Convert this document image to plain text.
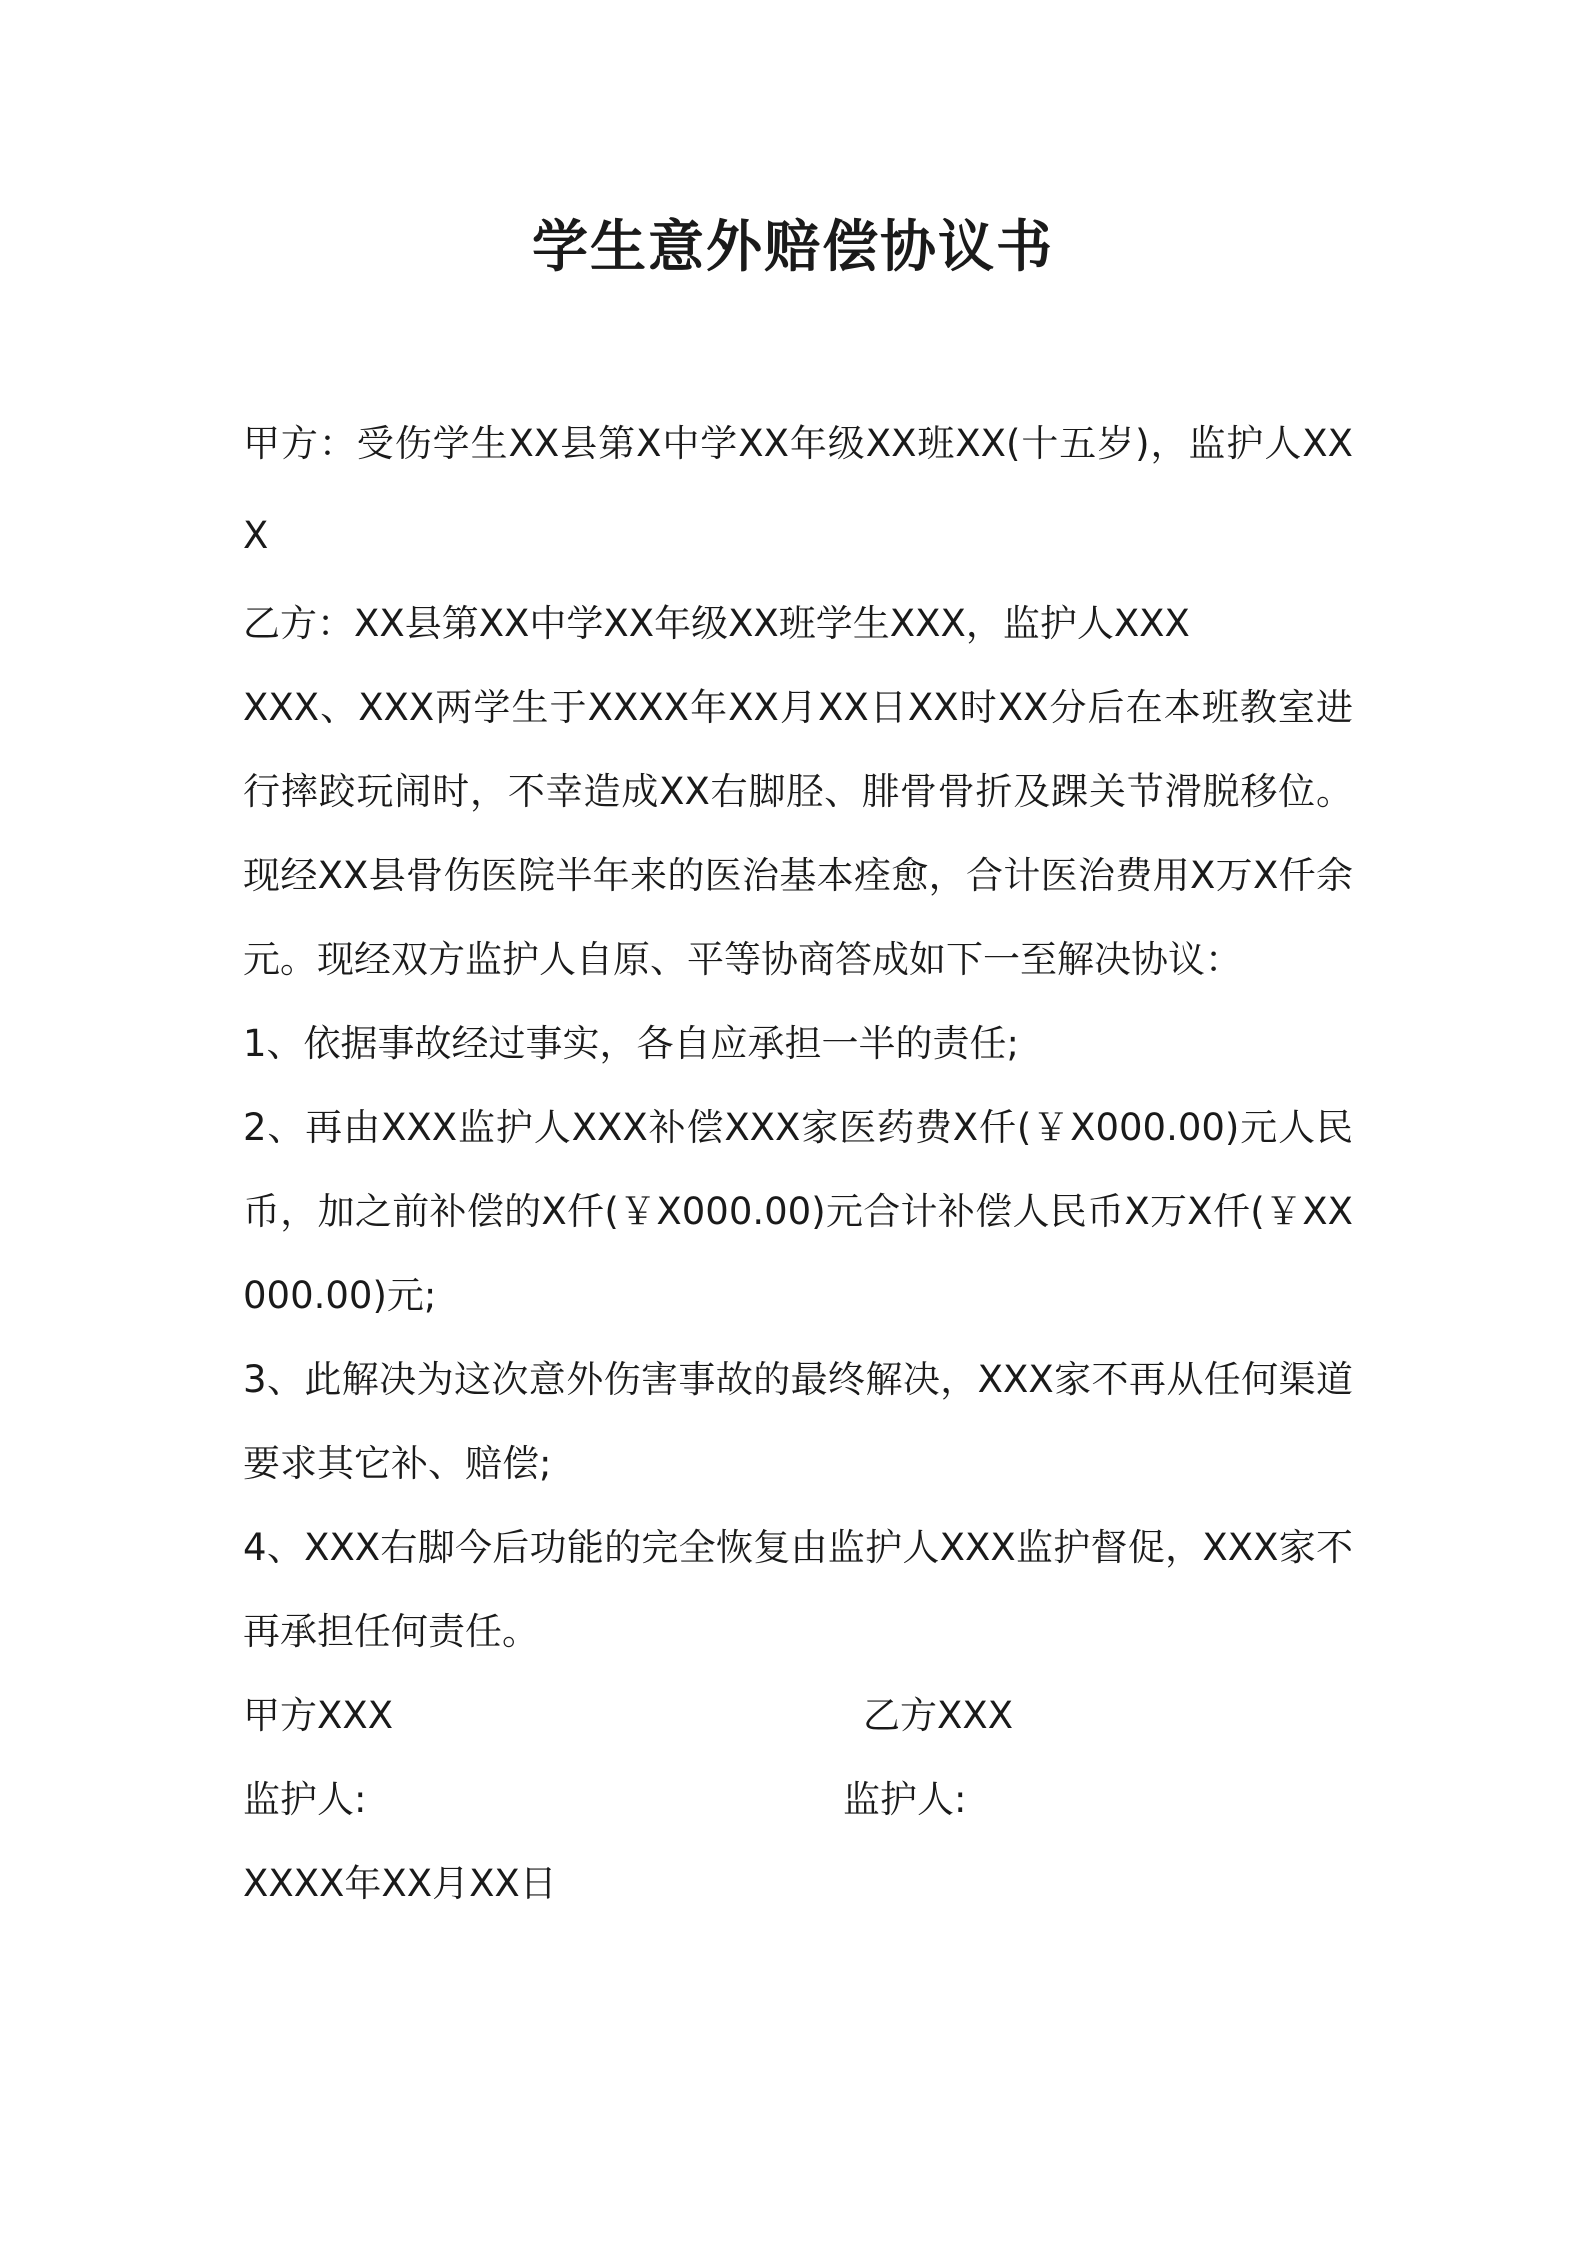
学生意外赔偿协议书

甲方：受伤学生XX县第X中学XX年级XX班XX(十五岁)，监护人XXX

乙方：XX县第XX中学XX年级XX班学生XXX，监护人XXX

XXX、XXX两学生于XXXX年XX月XX日XX时XX分后在本班教室进行摔跤玩闹时，不幸造成XX右脚胫、腓骨骨折及踝关节滑脱移位。现经XX县骨伤医院半年来的医治基本痊愈，合计医治费用X万X仟余元。现经双方监护人自原、平等协商答成如下一至解决协议：

1、依据事故经过事实，各自应承担一半的责任;

2、再由XXX监护人XXX补偿XXX家医药费X仟(￥X000.00)元人民币，加之前补偿的X仟(￥X000.00)元合计补偿人民币X万X仟(￥XX000.00)元;

3、此解决为这次意外伤害事故的最终解决，XXX家不再从任何渠道要求其它补、赔偿;

4、XXX右脚今后功能的完全恢复由监护人XXX监护督促，XXX家不再承担任何责任。

甲方XXX	乙方XXX
监护人:	监护人:

XXXX年XX月XX日
